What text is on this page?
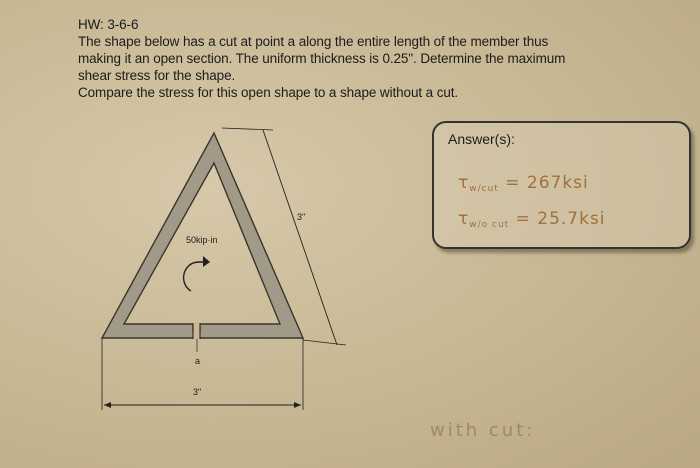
HW: 3-6-6
The shape below has a cut at point a along the entire length of the member thus
making it an open section. The uniform thickness is 0.25". Determine the maximum
shear stress for the shape.
Compare the stress for this open shape to a shape without a cut.
3"
50kip·in
a
3"
Answer(s):
$\tau_{w/cut} = 267ksi$
$\tau_{w/o cut} = 25.7ksi$
with cut:
